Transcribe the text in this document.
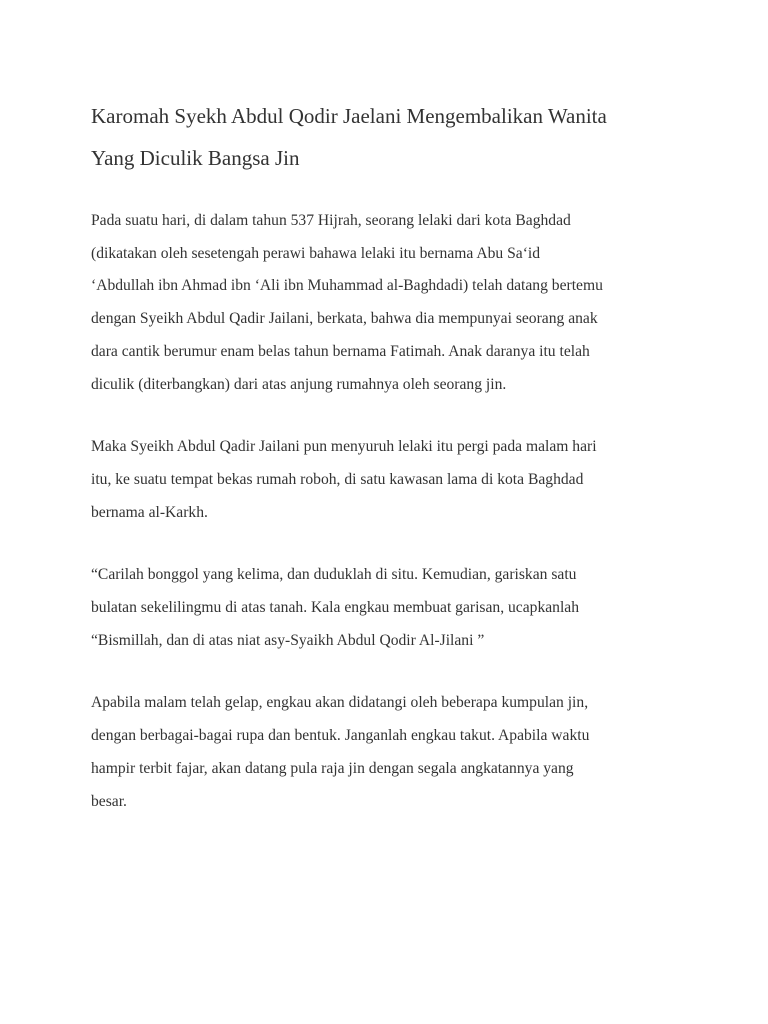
Karomah Syekh Abdul Qodir Jaelani Mengembalikan Wanita
Yang Diculik Bangsa Jin
Pada suatu hari, di dalam tahun 537 Hijrah, seorang lelaki dari kota Baghdad
(dikatakan oleh sesetengah perawi bahawa lelaki itu bernama Abu Sa‘id
‘Abdullah ibn Ahmad ibn ‘Ali ibn Muhammad al-Baghdadi) telah datang bertemu
dengan Syeikh Abdul Qadir Jailani, berkata, bahwa dia mempunyai seorang anak
dara cantik berumur enam belas tahun bernama Fatimah. Anak daranya itu telah
diculik (diterbangkan) dari atas anjung rumahnya oleh seorang jin.
Maka Syeikh Abdul Qadir Jailani pun menyuruh lelaki itu pergi pada malam hari
itu, ke suatu tempat bekas rumah roboh, di satu kawasan lama di kota Baghdad
bernama al-Karkh.
“Carilah bonggol yang kelima, dan duduklah di situ. Kemudian, gariskan satu
bulatan sekelilingmu di atas tanah. Kala engkau membuat garisan, ucapkanlah
“Bismillah, dan di atas niat asy-Syaikh Abdul Qodir Al-Jilani ”
Apabila malam telah gelap, engkau akan didatangi oleh beberapa kumpulan jin,
dengan berbagai-bagai rupa dan bentuk. Janganlah engkau takut. Apabila waktu
hampir terbit fajar, akan datang pula raja jin dengan segala angkatannya yang
besar.
